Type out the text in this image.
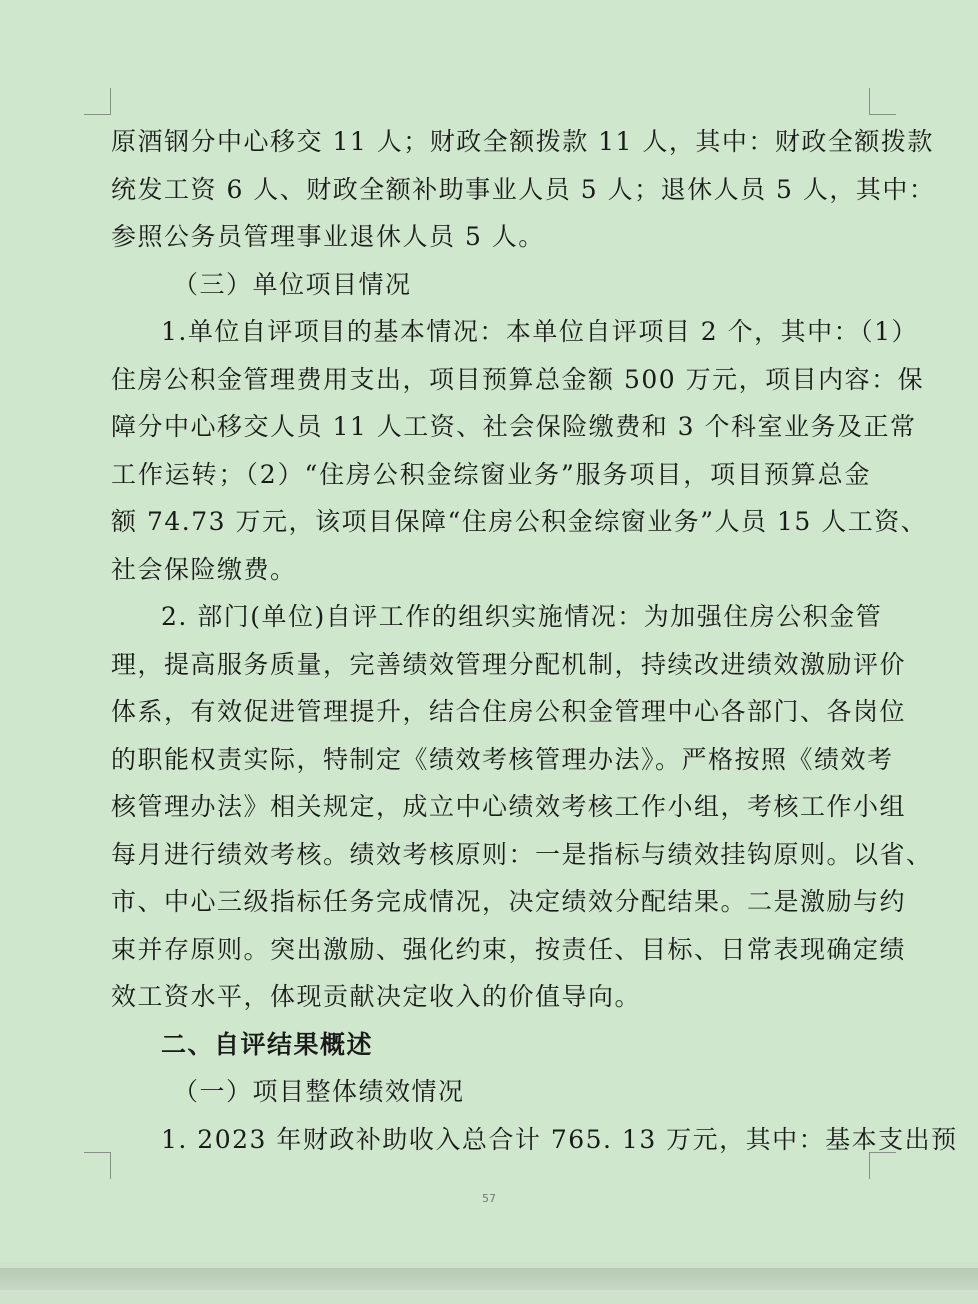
原酒钢分中心移交 11 人；财政全额拨款 11 人，其中：财政全额拨款
统发工资 6 人、财政全额补助事业人员 5 人；退休人员 5 人，其中：
参照公务员管理事业退休人员 5 人。
（三）单位项目情况
1.单位自评项目的基本情况：本单位自评项目 2 个，其中：（1）
住房公积金管理费用支出，项目预算总金额 500 万元，项目内容：保
障分中心移交人员 11 人工资、社会保险缴费和 3 个科室业务及正常
工作运转；（2）“住房公积金综窗业务”服务项目，项目预算总金
额 74.73 万元，该项目保障“住房公积金综窗业务”人员 15 人工资、
社会保险缴费。
2. 部门(单位)自评工作的组织实施情况：为加强住房公积金管
理，提高服务质量，完善绩效管理分配机制，持续改进绩效激励评价
体系，有效促进管理提升，结合住房公积金管理中心各部门、各岗位
的职能权责实际，特制定《绩效考核管理办法》。严格按照《绩效考
核管理办法》相关规定，成立中心绩效考核工作小组，考核工作小组
每月进行绩效考核。绩效考核原则：一是指标与绩效挂钩原则。以省、
市、中心三级指标任务完成情况，决定绩效分配结果。二是激励与约
束并存原则。突出激励、强化约束，按责任、目标、日常表现确定绩
效工资水平，体现贡献决定收入的价值导向。
二、自评结果概述
（一）项目整体绩效情况
1. 2023 年财政补助收入总合计 765. 13 万元，其中：基本支出预
57
